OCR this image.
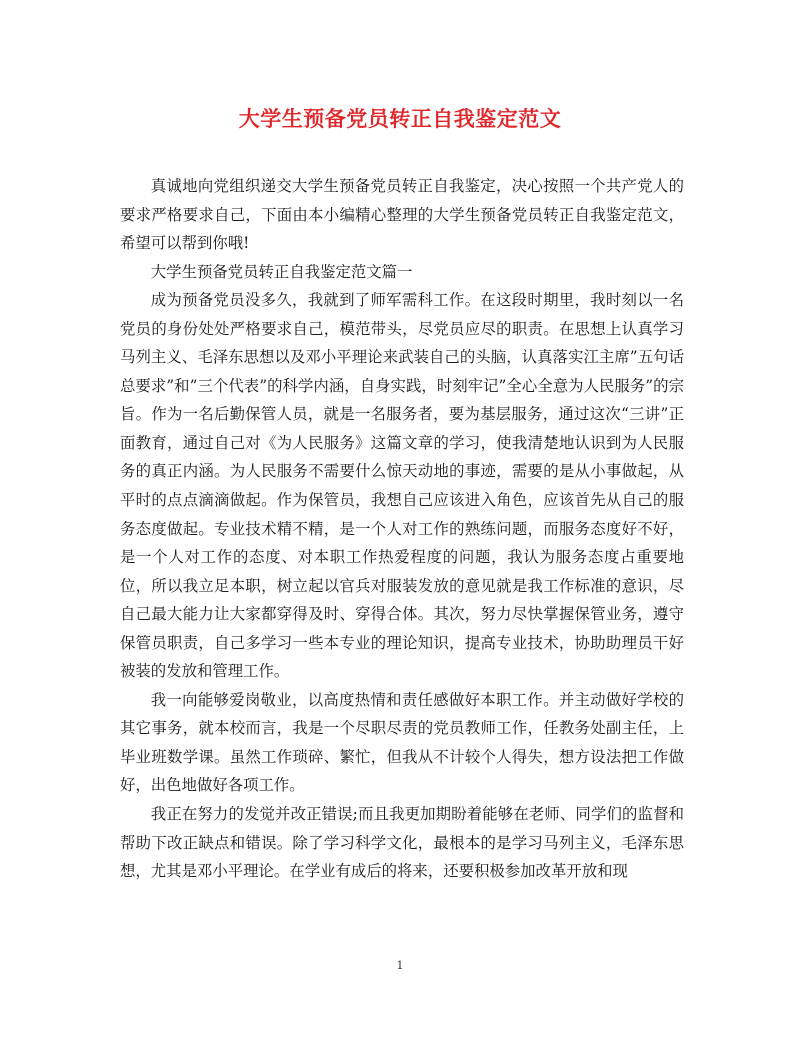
大学生预备党员转正自我鉴定范文

真诚地向党组织递交大学生预备党员转正自我鉴定，决心按照一个共产党人的要求严格要求自己，下面由本小编精心整理的大学生预备党员转正自我鉴定范文，希望可以帮到你哦!

大学生预备党员转正自我鉴定范文篇一

成为预备党员没多久，我就到了师军需科工作。在这段时期里，我时刻以一名党员的身份处处严格要求自己，模范带头，尽党员应尽的职责。在思想上认真学习马列主义、毛泽东思想以及邓小平理论来武装自己的头脑，认真落实江主席”五句话总要求”和”三个代表”的科学内涵，自身实践，时刻牢记”全心全意为人民服务”的宗旨。作为一名后勤保管人员，就是一名服务者，要为基层服务，通过这次“三讲”正面教育，通过自己对《为人民服务》这篇文章的学习，使我清楚地认识到为人民服务的真正内涵。为人民服务不需要什么惊天动地的事迹，需要的是从小事做起，从平时的点点滴滴做起。作为保管员，我想自己应该进入角色，应该首先从自己的服务态度做起。专业技术精不精，是一个人对工作的熟练问题，而服务态度好不好，是一个人对工作的态度、对本职工作热爱程度的问题，我认为服务态度占重要地位，所以我立足本职，树立起以官兵对服装发放的意见就是我工作标准的意识，尽自己最大能力让大家都穿得及时、穿得合体。其次，努力尽快掌握保管业务，遵守保管员职责，自己多学习一些本专业的理论知识，提高专业技术，协助助理员干好被装的发放和管理工作。

我一向能够爱岗敬业，以高度热情和责任感做好本职工作。并主动做好学校的其它事务，就本校而言，我是一个尽职尽责的党员教师工作，任教务处副主任，上毕业班数学课。虽然工作琐碎、繁忙，但我从不计较个人得失，想方设法把工作做好，出色地做好各项工作。

我正在努力的发觉并改正错误;而且我更加期盼着能够在老师、同学们的监督和帮助下改正缺点和错误。除了学习科学文化，最根本的是学习马列主义，毛泽东思想，尤其是邓小平理论。在学业有成后的将来，还要积极参加改革开放和现

1
